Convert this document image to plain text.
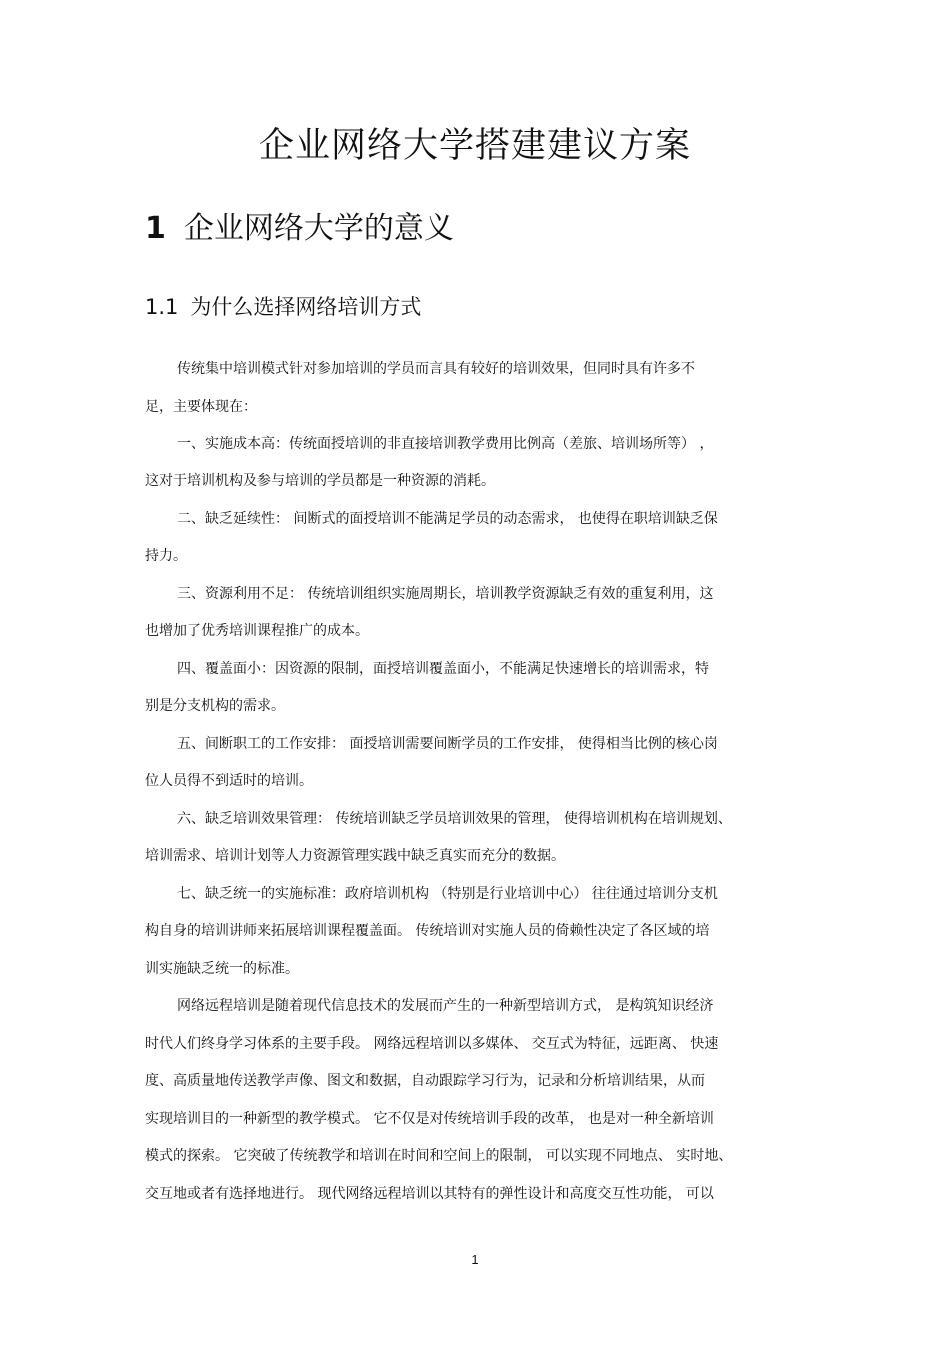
企业网络大学搭建建议方案
1 企业网络大学的意义
1.1 为什么选择网络培训方式
传统集中培训模式针对参加培训的学员而言具有较好的培训效果，但同时具有许多不
足，主要体现在：
一、实施成本高：传统面授培训的非直接培训教学费用比例高（差旅、培训场所等） ，
这对于培训机构及参与培训的学员都是一种资源的消耗。
二、缺乏延续性： 间断式的面授培训不能满足学员的动态需求， 也使得在职培训缺乏保
持力。
三、资源利用不足： 传统培训组织实施周期长，培训教学资源缺乏有效的重复利用，这
也增加了优秀培训课程推广的成本。
四、覆盖面小：因资源的限制，面授培训覆盖面小，不能满足快速增长的培训需求，特
别是分支机构的需求。
五、间断职工的工作安排： 面授培训需要间断学员的工作安排， 使得相当比例的核心岗
位人员得不到适时的培训。
六、缺乏培训效果管理： 传统培训缺乏学员培训效果的管理， 使得培训机构在培训规划、
培训需求、培训计划等人力资源管理实践中缺乏真实而充分的数据。
七、缺乏统一的实施标准：政府培训机构 （特别是行业培训中心） 往往通过培训分支机
构自身的培训讲师来拓展培训课程覆盖面。 传统培训对实施人员的倚赖性决定了各区域的培
训实施缺乏统一的标准。
网络远程培训是随着现代信息技术的发展而产生的一种新型培训方式， 是构筑知识经济
时代人们终身学习体系的主要手段。 网络远程培训以多媒体、 交互式为特征，远距离、 快速
度、高质量地传送教学声像、图文和数据，自动跟踪学习行为，记录和分析培训结果，从而
实现培训目的一种新型的教学模式。 它不仅是对传统培训手段的改革， 也是对一种全新培训
模式的探索。 它突破了传统教学和培训在时间和空间上的限制， 可以实现不同地点、 实时地、
交互地或者有选择地进行。 现代网络远程培训以其特有的弹性设计和高度交互性功能， 可以
1
